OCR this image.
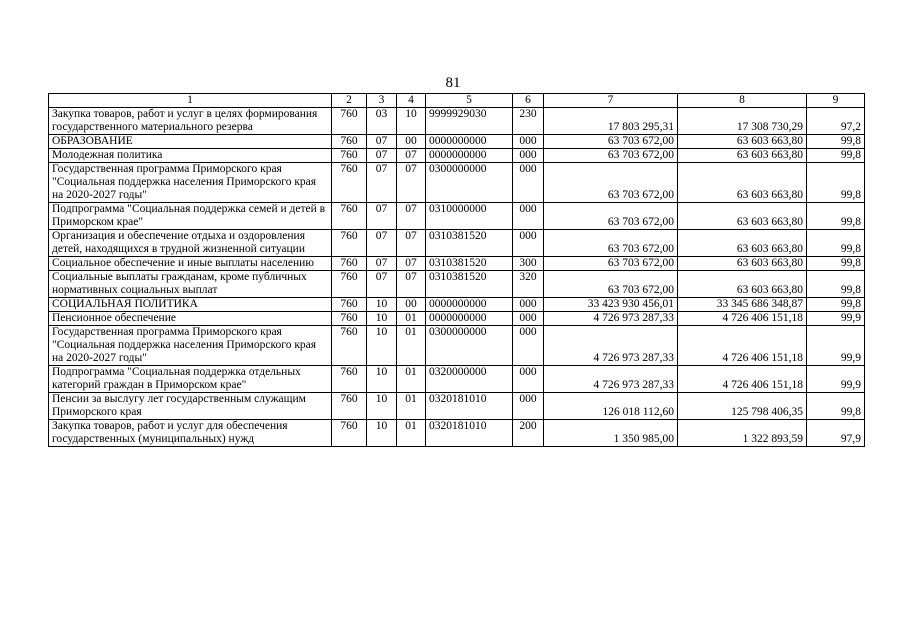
81
1	2	3	4	5	6	7	8	9
Закупка товаров, работ и услуг в целях формирования государственного материального резерва	760	03	10	9999929030	230	17 803 295,31	17 308 730,29	97,2
ОБРАЗОВАНИЕ	760	07	00	0000000000	000	63 703 672,00	63 603 663,80	99,8
Молодежная политика	760	07	07	0000000000	000	63 703 672,00	63 603 663,80	99,8
Государственная программа Приморского края "Социальная поддержка населения Приморского края на 2020-2027 годы"	760	07	07	0300000000	000	63 703 672,00	63 603 663,80	99,8
Подпрограмма "Социальная поддержка семей и детей в Приморском крае"	760	07	07	0310000000	000	63 703 672,00	63 603 663,80	99,8
Организация и обеспечение отдыха и оздоровления детей, находящихся в трудной жизненной ситуации	760	07	07	0310381520	000	63 703 672,00	63 603 663,80	99,8
Социальное обеспечение и иные выплаты населению	760	07	07	0310381520	300	63 703 672,00	63 603 663,80	99,8
Социальные выплаты гражданам, кроме публичных нормативных социальных выплат	760	07	07	0310381520	320	63 703 672,00	63 603 663,80	99,8
СОЦИАЛЬНАЯ ПОЛИТИКА	760	10	00	0000000000	000	33 423 930 456,01	33 345 686 348,87	99,8
Пенсионное обеспечение	760	10	01	0000000000	000	4 726 973 287,33	4 726 406 151,18	99,9
Государственная программа Приморского края "Социальная поддержка населения Приморского края на 2020-2027 годы"	760	10	01	0300000000	000	4 726 973 287,33	4 726 406 151,18	99,9
Подпрограмма "Социальная поддержка отдельных категорий граждан в Приморском крае"	760	10	01	0320000000	000	4 726 973 287,33	4 726 406 151,18	99,9
Пенсии за выслугу лет государственным служащим Приморского края	760	10	01	0320181010	000	126 018 112,60	125 798 406,35	99,8
Закупка товаров, работ и услуг для обеспечения государственных (муниципальных) нужд	760	10	01	0320181010	200	1 350 985,00	1 322 893,59	97,9
